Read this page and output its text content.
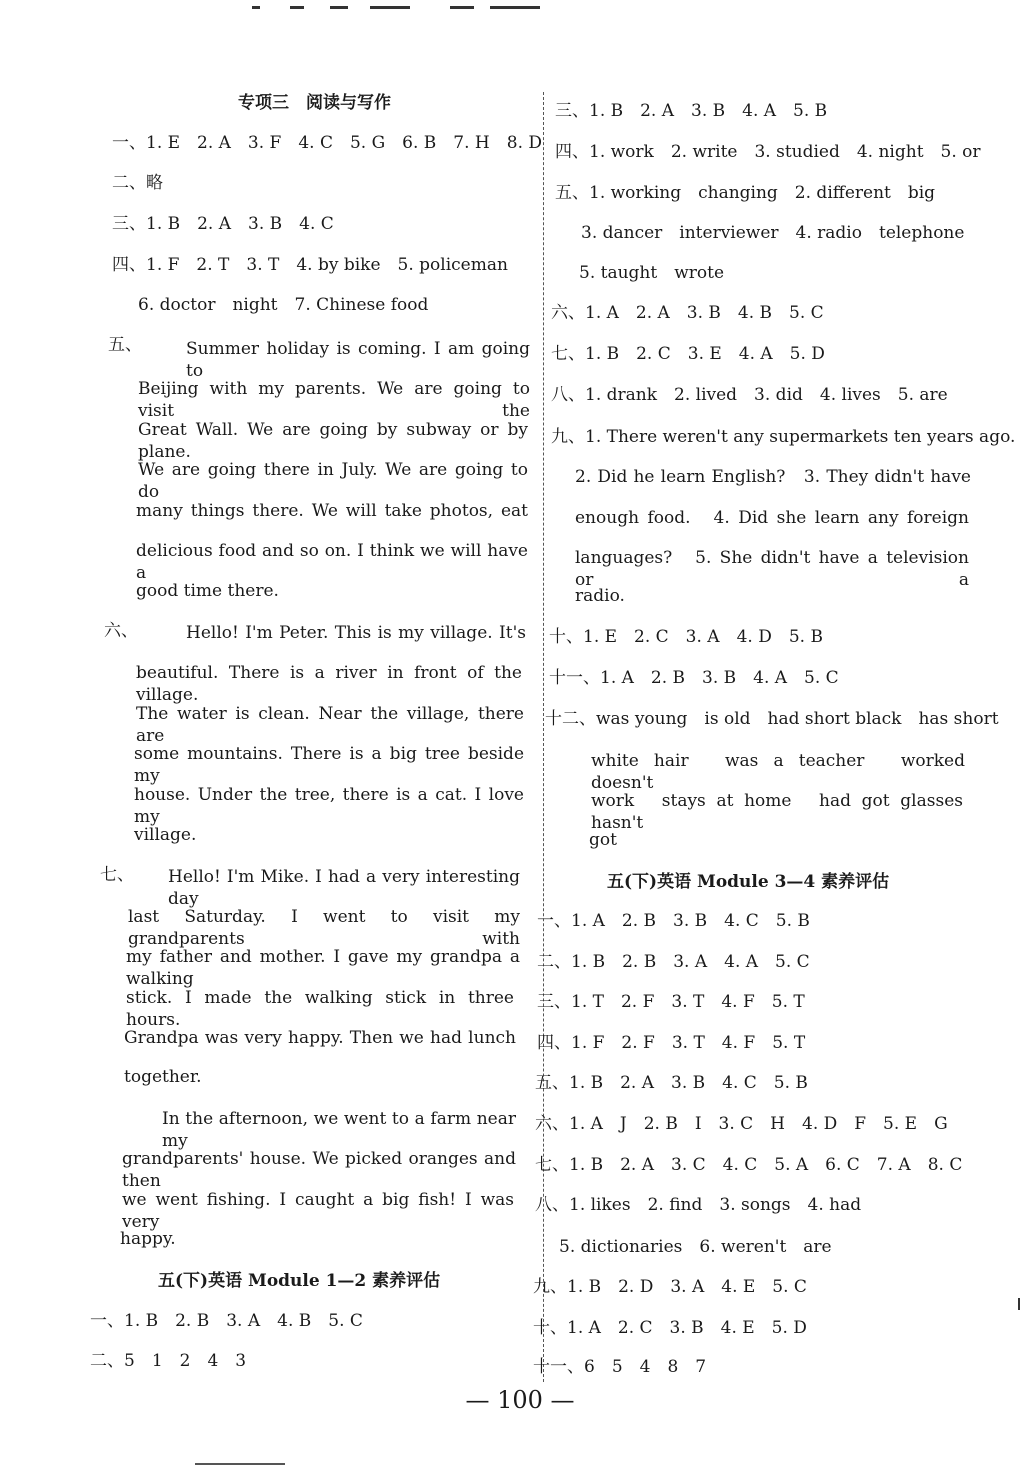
专项三　阅读与写作
一、1. E　2. A　3. F　4. C　5. G　6. B　7. H　8. D
二、略
三、1. B　2. A　3. B　4. C
四、1. F　2. T　3. T　4. by bike　5. policeman
6. doctor　night　7. Chinese food
五、	Summer holiday is coming. I am going to
Beijing with my parents. We are going to visit the
Great Wall. We are going by subway or by plane.
We are going there in July. We are going to do
many things there. We will take photos, eat
delicious food and so on. I think we will have a
good time there.
六、	Hello! I'm Peter. This is my village. It's
beautiful. There is a river in front of the village.
The water is clean. Near the village, there are
some mountains. There is a big tree beside my
house. Under the tree, there is a cat. I love my
village.
七、 Hello! I'm Mike. I had a very interesting day
last Saturday. I went to visit my grandparents with
my father and mother. I gave my grandpa a walking
stick. I made the walking stick in three hours.
Grandpa was very happy. Then we had lunch
together.
In the afternoon, we went to a farm near my
grandparents' house. We picked oranges and then
we went fishing. I caught a big fish! I was very
happy.
五(下)英语 Module 1—2 素养评估
一、1. B　2. B　3. A　4. B　5. C
二、5　1　2　4　3
三、1. B　2. A　3. B　4. A　5. B
四、1. work　2. write　3. studied　4. night　5. or
五、1. working　changing　2. different　big
3. dancer　interviewer　4. radio　telephone
5. taught　wrote
六、1. A　2. A　3. B　4. B　5. C
七、1. B　2. C　3. E　4. A　5. D
八、1. drank　2. lived　3. did　4. lives　5. are
九、1. There weren't any supermarkets ten years ago.
2. Did he learn English?　3. They didn't have
enough food.　4. Did she learn any foreign
languages?　5. She didn't have a television or a
radio.
十、1. E　2. C　3. A　4. D　5. B
十一、1. A　2. B　3. B　4. A　5. C
十二、was young　is old　had short black　has short
white hair　was a teacher　worked　doesn't
work　stays at home　had got glasses　hasn't
got
五(下)英语 Module 3—4 素养评估
一、1. A　2. B　3. B　4. C　5. B
二、1. B　2. B　3. A　4. A　5. C
三、1. T　2. F　3. T　4. F　5. T
四、1. F　2. F　3. T　4. F　5. T
五、1. B　2. A　3. B　4. C　5. B
六、1. A　J　2. B　I　3. C　H　4. D　F　5. E　G
七、1. B　2. A　3. C　4. C　5. A　6. C　7. A　8. C
八、1. likes　2. find　3. songs　4. had
5. dictionaries　6. weren't　are
九、1. B　2. D　3. A　4. E　5. C
十、1. A　2. C　3. B　4. E　5. D
十一、6　5　4　8　7
— 100 —
